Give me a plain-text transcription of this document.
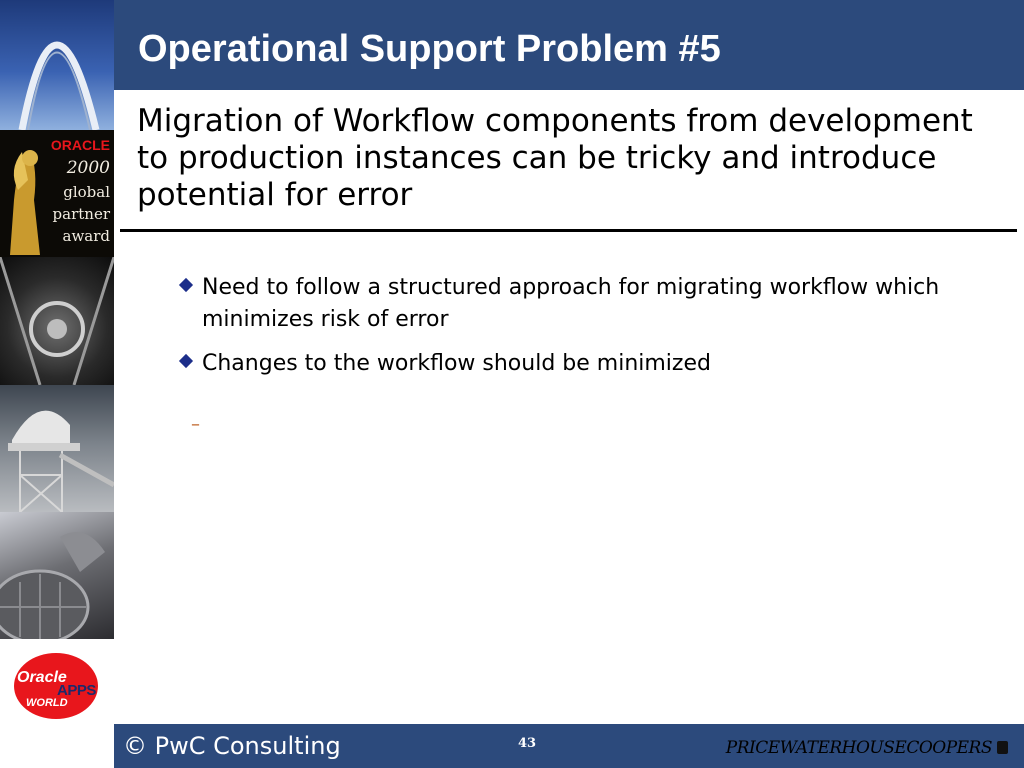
ORACLE
2000
global
partner
award
Oracle
APPS
WORLD
Operational Support Problem #5
Migration of Workflow components from development to production instances can be tricky and introduce potential for error
Need to follow a structured approach for migrating workflow which minimizes risk of error
Changes to the workflow should be minimized
–
© PwC Consulting	43	PRICEWATERHOUSECOOPERS
